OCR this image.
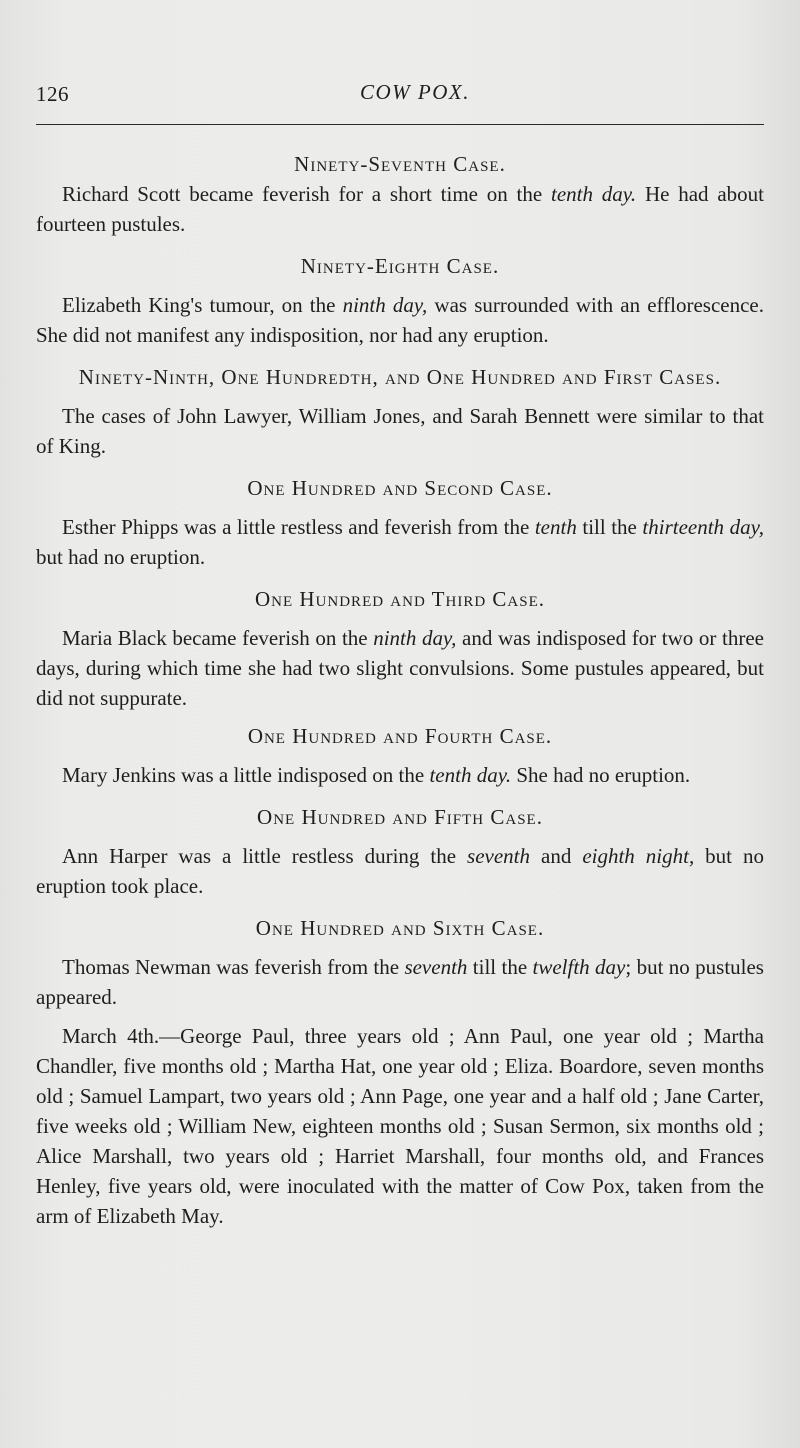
126	COW POX.

Ninety-Seventh Case.

Richard Scott became feverish for a short time on the tenth day. He had about fourteen pustules.

Ninety-Eighth Case.

Elizabeth King's tumour, on the ninth day, was surrounded with an efflorescence. She did not manifest any indisposition, nor had any eruption.

Ninety-Ninth, One Hundredth, and One Hundred and First Cases.

The cases of John Lawyer, William Jones, and Sarah Bennett were similar to that of King.

One Hundred and Second Case.

Esther Phipps was a little restless and feverish from the tenth till the thirteenth day, but had no eruption.

One Hundred and Third Case.

Maria Black became feverish on the ninth day, and was indisposed for two or three days, during which time she had two slight convulsions. Some pustules appeared, but did not suppurate.

One Hundred and Fourth Case.

Mary Jenkins was a little indisposed on the tenth day. She had no eruption.

One Hundred and Fifth Case.

Ann Harper was a little restless during the seventh and eighth night, but no eruption took place.

One Hundred and Sixth Case.

Thomas Newman was feverish from the seventh till the twelfth day; but no pustules appeared.

March 4th.—George Paul, three years old ; Ann Paul, one year old ; Martha Chandler, five months old ; Martha Hat, one year old ; Eliza. Boardore, seven months old ; Samuel Lampart, two years old ; Ann Page, one year and a half old ; Jane Carter, five weeks old ; William New, eighteen months old ; Susan Sermon, six months old ; Alice Marshall, two years old ; Harriet Marshall, four months old, and Frances Henley, five years old, were inoculated with the matter of Cow Pox, taken from the arm of Elizabeth May.
